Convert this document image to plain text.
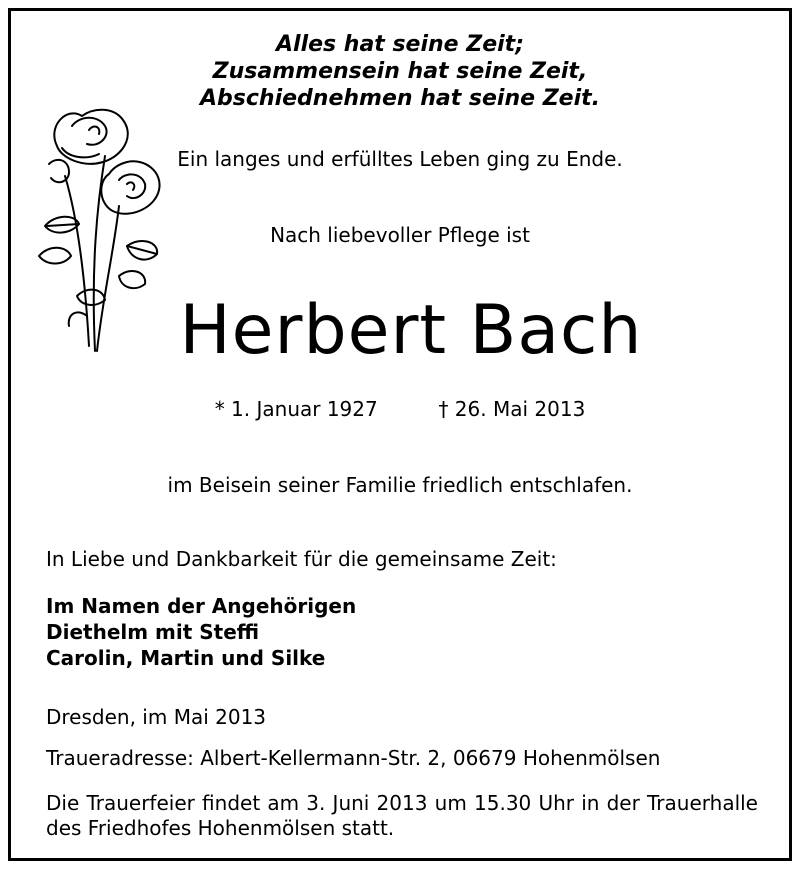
Alles hat seine Zeit;
Zusammensein hat seine Zeit,
Abschiednehmen hat seine Zeit.
Ein langes und erfülltes Leben ging zu Ende.
Nach liebevoller Pflege ist
Herbert Bach
* 1. Januar 1927	† 26. Mai 2013
im Beisein seiner Familie friedlich entschlafen.
In Liebe und Dankbarkeit für die gemeinsame Zeit:
Im Namen der Angehörigen
Diethelm mit Steffi
Carolin, Martin und Silke
Dresden, im Mai 2013
Traueradresse: Albert-Kellermann-Str. 2, 06679 Hohenmölsen
Die Trauerfeier findet am 3. Juni 2013 um 15.30 Uhr in der Trauerhalle des Friedhofes Hohenmölsen statt.
